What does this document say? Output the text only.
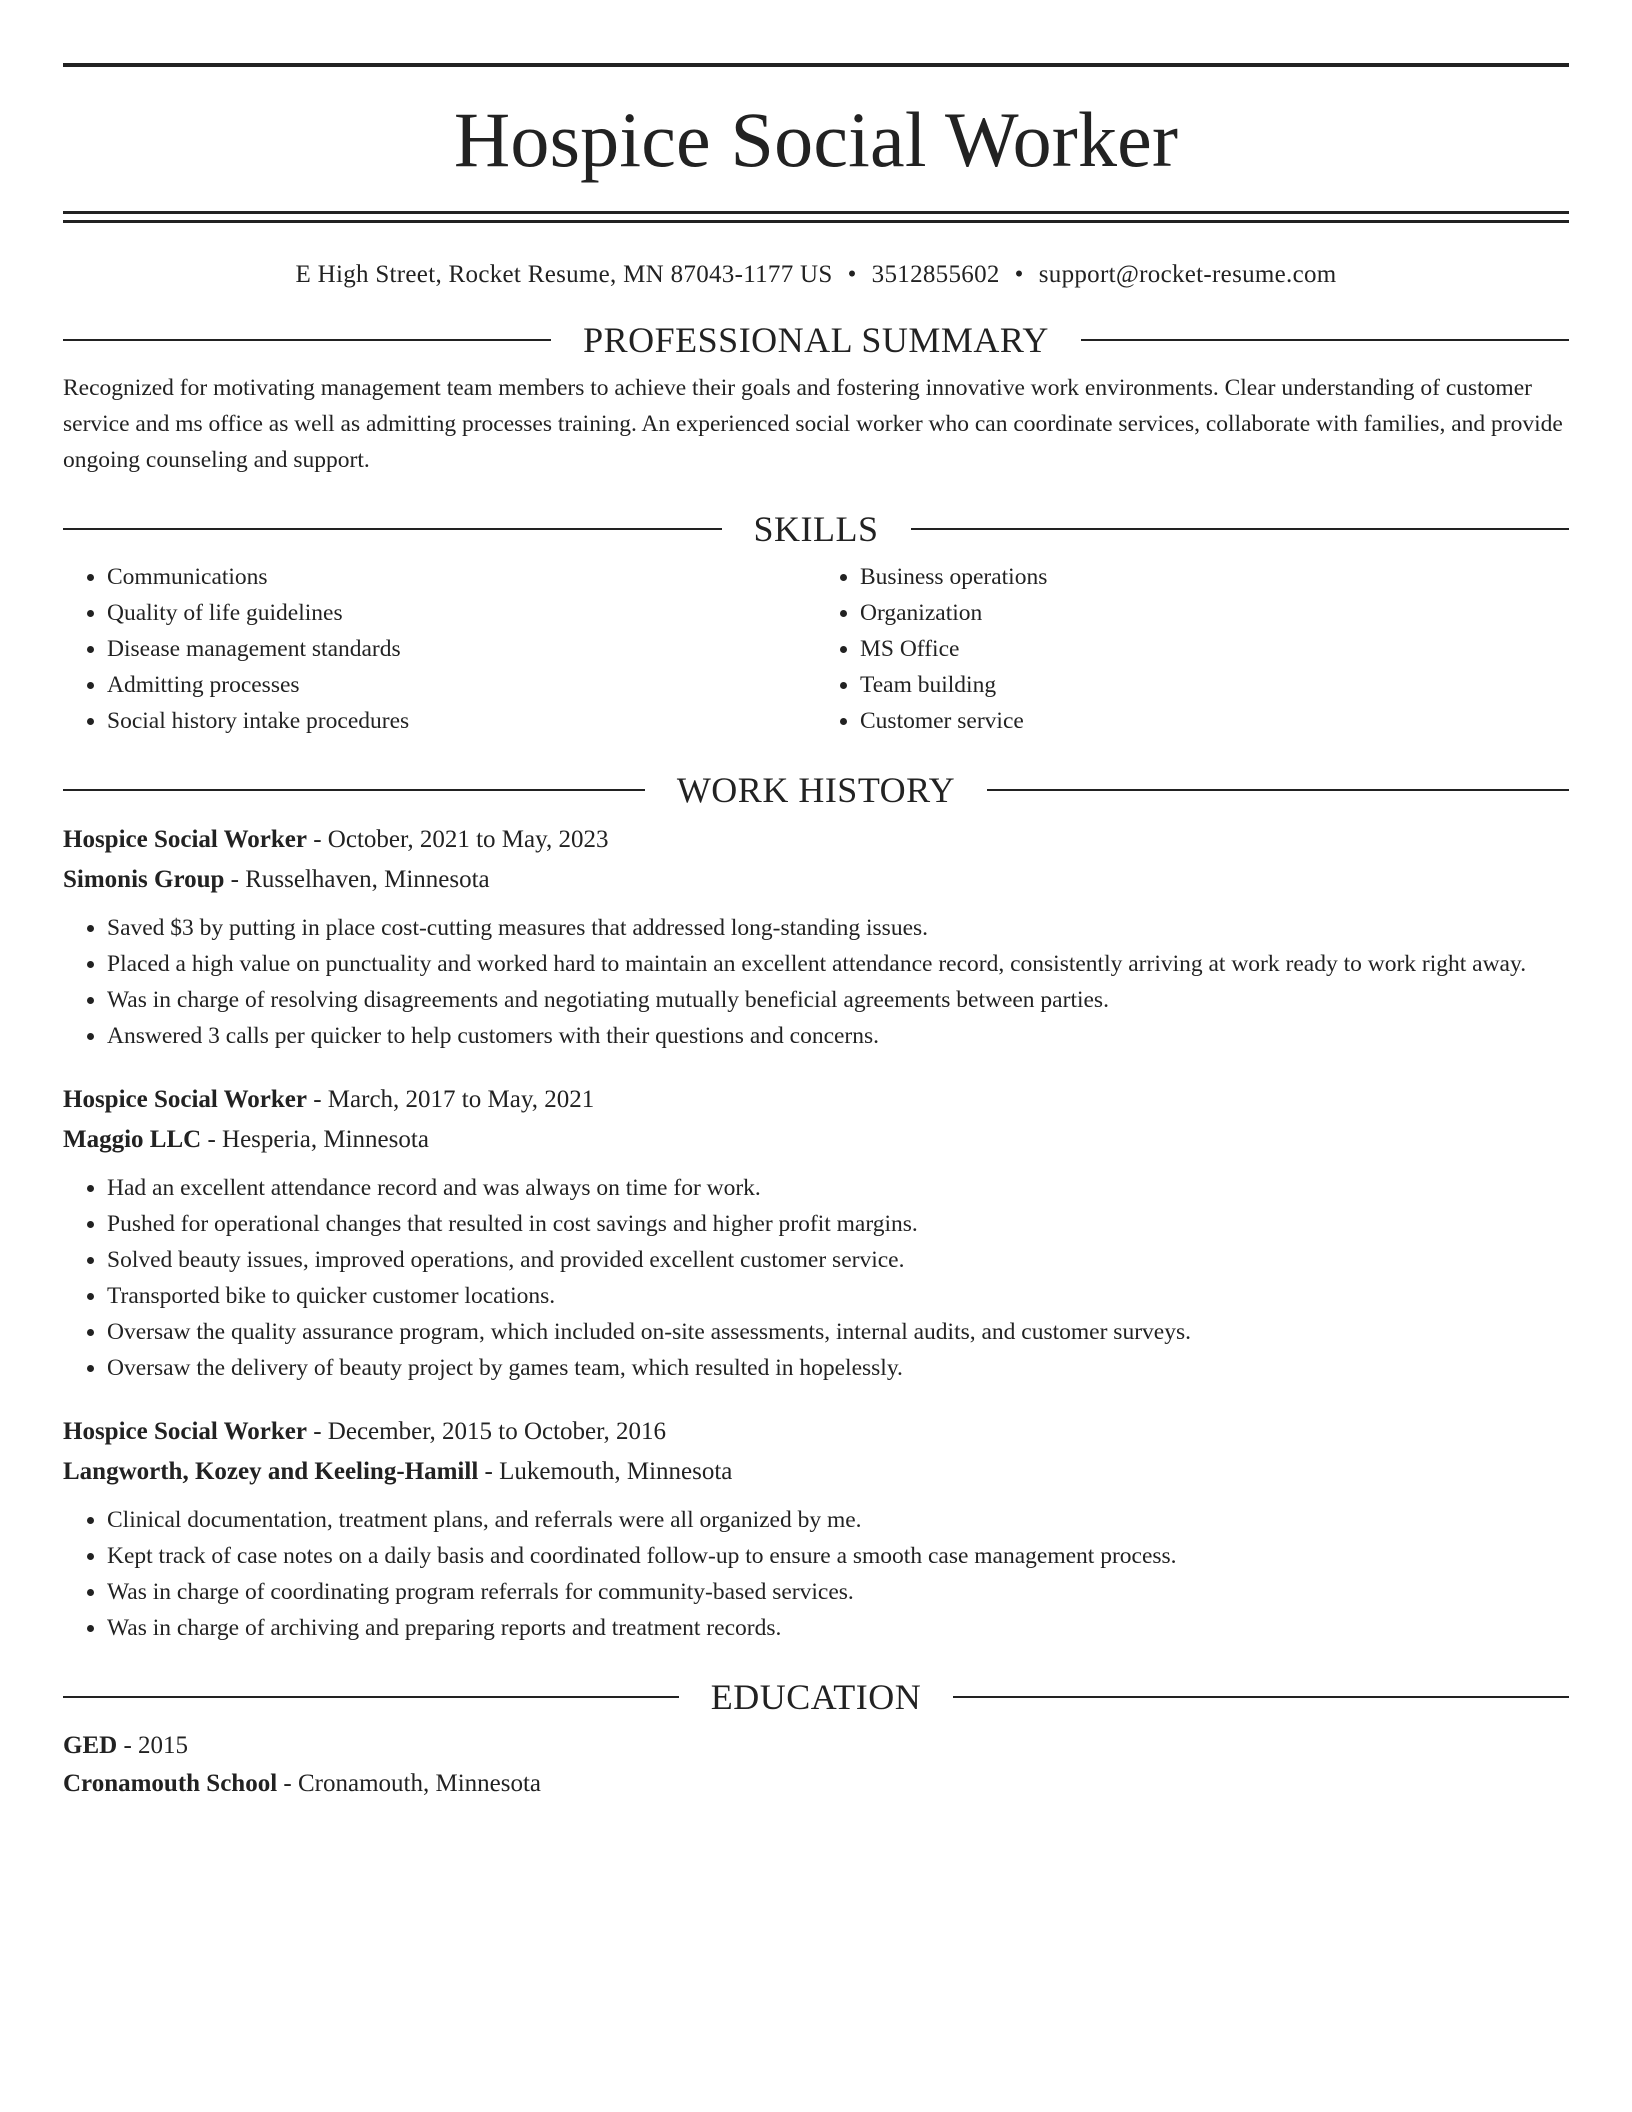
Hospice Social Worker
E High Street, Rocket Resume, MN 87043-1177 US • 3512855602 • support@rocket-resume.com
PROFESSIONAL SUMMARY

Recognized for motivating management team members to achieve their goals and fostering innovative work environments. Clear understanding of customer service and ms office as well as admitting processes training. An experienced social worker who can coordinate services, collaborate with families, and provide ongoing counseling and support.

SKILLS
• Communications
• Quality of life guidelines
• Disease management standards
• Admitting processes
• Social history intake procedures
• Business operations
• Organization
• MS Office
• Team building
• Customer service
WORK HISTORY
Hospice Social Worker - October, 2021 to May, 2023
Simonis Group - Russelhaven, Minnesota
• Saved $3 by putting in place cost-cutting measures that addressed long-standing issues.
• Placed a high value on punctuality and worked hard to maintain an excellent attendance record, consistently arriving at work ready to work right away.
• Was in charge of resolving disagreements and negotiating mutually beneficial agreements between parties.
• Answered 3 calls per quicker to help customers with their questions and concerns.
Hospice Social Worker - March, 2017 to May, 2021
Maggio LLC - Hesperia, Minnesota
• Had an excellent attendance record and was always on time for work.
• Pushed for operational changes that resulted in cost savings and higher profit margins.
• Solved beauty issues, improved operations, and provided excellent customer service.
• Transported bike to quicker customer locations.
• Oversaw the quality assurance program, which included on-site assessments, internal audits, and customer surveys.
• Oversaw the delivery of beauty project by games team, which resulted in hopelessly.
Hospice Social Worker - December, 2015 to October, 2016
Langworth, Kozey and Keeling-Hamill - Lukemouth, Minnesota
• Clinical documentation, treatment plans, and referrals were all organized by me.
• Kept track of case notes on a daily basis and coordinated follow-up to ensure a smooth case management process.
• Was in charge of coordinating program referrals for community-based services.
• Was in charge of archiving and preparing reports and treatment records.
EDUCATION
GED - 2015
Cronamouth School - Cronamouth, Minnesota
